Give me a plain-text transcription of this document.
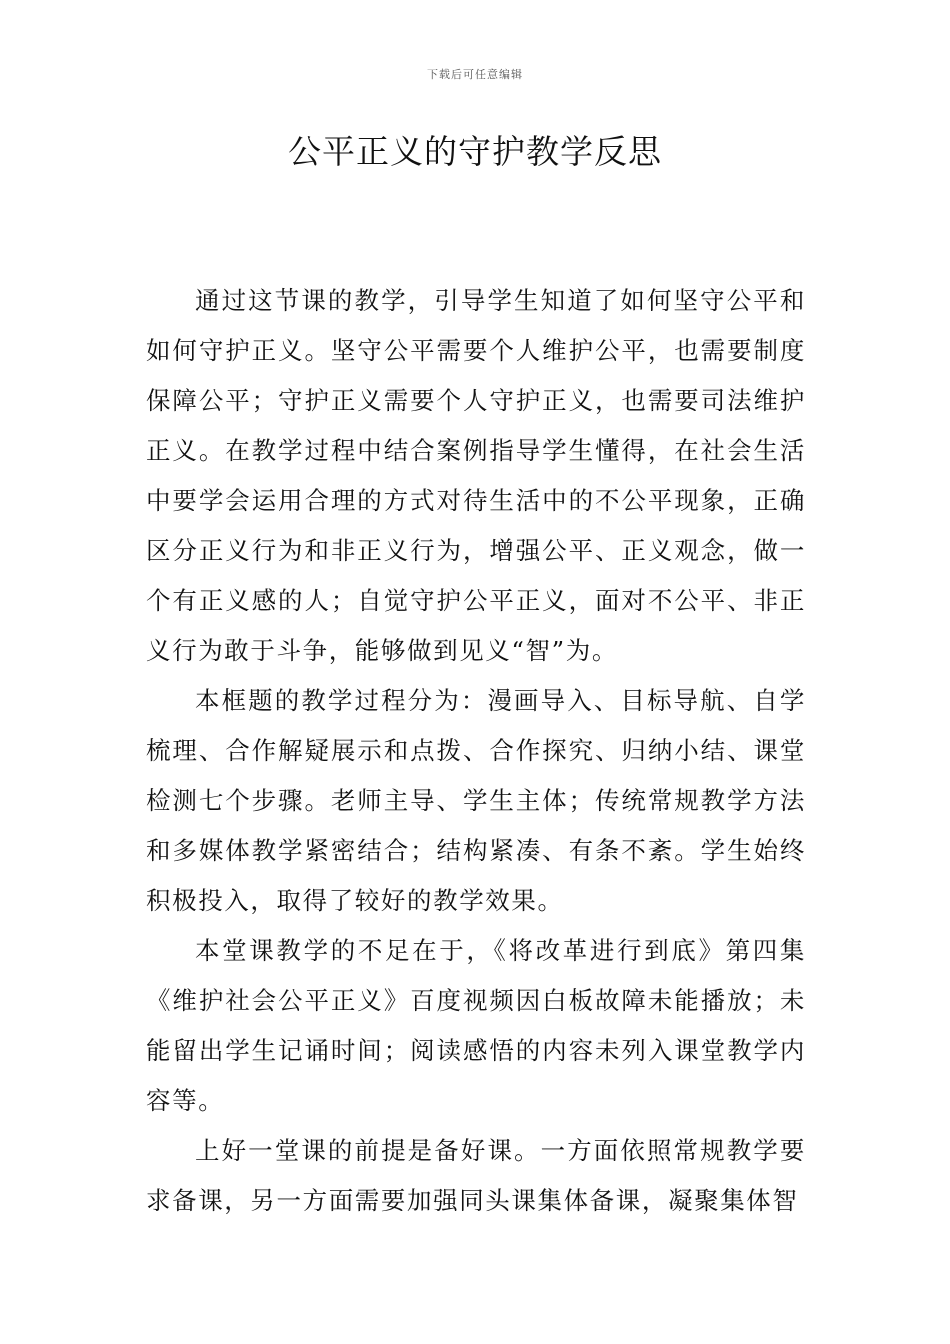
下载后可任意编辑
公平正义的守护教学反思

通过这节课的教学，引导学生知道了如何坚守公平和如何守护正义。坚守公平需要个人维护公平，也需要制度保障公平；守护正义需要个人守护正义，也需要司法维护正义。在教学过程中结合案例指导学生懂得，在社会生活中要学会运用合理的方式对待生活中的不公平现象，正确区分正义行为和非正义行为，增强公平、正义观念，做一个有正义感的人；自觉守护公平正义，面对不公平、非正义行为敢于斗争，能够做到见义“智”为。

本框题的教学过程分为：漫画导入、目标导航、自学梳理、合作解疑展示和点拨、合作探究、归纳小结、课堂检测七个步骤。老师主导、学生主体；传统常规教学方法和多媒体教学紧密结合；结构紧凑、有条不紊。学生始终积极投入，取得了较好的教学效果。

本堂课教学的不足在于，《将改革进行到底》第四集《维护社会公平正义》百度视频因白板故障未能播放；未能留出学生记诵时间；阅读感悟的内容未列入课堂教学内容等。

上好一堂课的前提是备好课。一方面依照常规教学要求备课，另一方面需要加强同头课集体备课，凝聚集体智
